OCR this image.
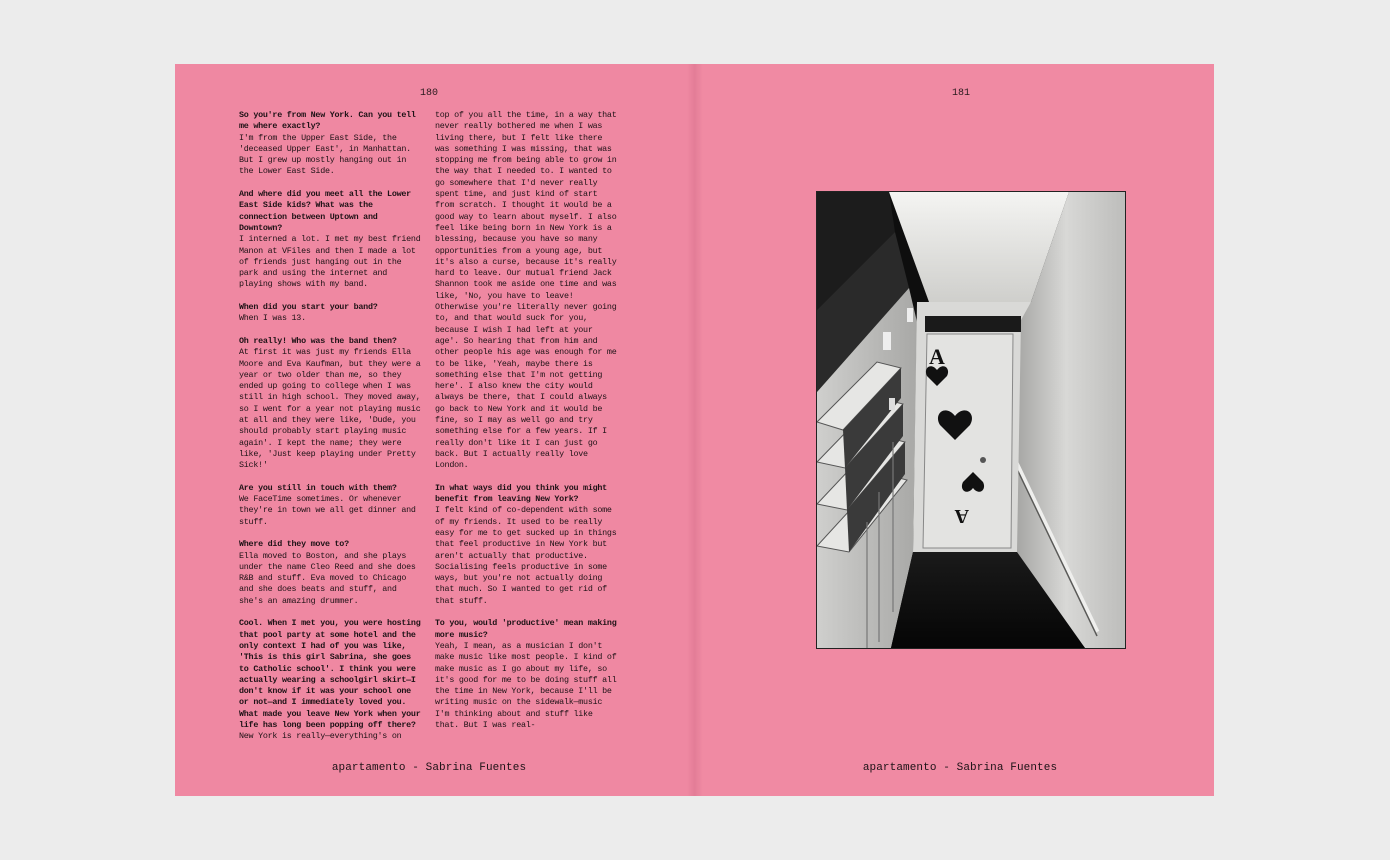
180

So you're from New York. Can you tell me where exactly?
I'm from the Upper East Side, the 'deceased Upper East', in Manhattan. But I grew up mostly hanging out in the Lower East Side.

And where did you meet all the Lower East Side kids? What was the connection between Uptown and Downtown?
I interned a lot. I met my best friend Manon at VFiles and then I made a lot of friends just hanging out in the park and using the internet and playing shows with my band.

When did you start your band?
When I was 13.

Oh really! Who was the band then?
At first it was just my friends Ella Moore and Eva Kaufman, but they were a year or two older than me, so they ended up going to college when I was still in high school. They moved away, so I went for a year not playing music at all and they were like, 'Dude, you should probably start playing music again'. I kept the name; they were like, 'Just keep playing under Pretty Sick!'

Are you still in touch with them?
We FaceTime sometimes. Or whenever they're in town we all get dinner and stuff.

Where did they move to?
Ella moved to Boston, and she plays under the name Cleo Reed and she does R&B and stuff. Eva moved to Chicago and she does beats and stuff, and she's an amazing drummer.

Cool. When I met you, you were hosting that pool party at some hotel and the only context I had of you was like, 'This is this girl Sabrina, she goes to Catholic school'. I think you were actually wearing a schoolgirl skirt—I don't know if it was your school one or not—and I immediately loved you. What made you leave New York when your life has long been popping off there?
New York is really—everything's on

top of you all the time, in a way that never really bothered me when I was living there, but I felt like there was something I was missing, that was stopping me from being able to grow in the way that I needed to. I wanted to go somewhere that I'd never really spent time, and just kind of start from scratch. I thought it would be a good way to learn about myself. I also feel like being born in New York is a blessing, because you have so many opportunities from a young age, but it's also a curse, because it's really hard to leave. Our mutual friend Jack Shannon took me aside one time and was like, 'No, you have to leave! Otherwise you're literally never going to, and that would suck for you, because I wish I had left at your age'. So hearing that from him and other people his age was enough for me to be like, 'Yeah, maybe there is something else that I'm not getting here'. I also knew the city would always be there, that I could always go back to New York and it would be fine, so I may as well go and try something else for a few years. If I really don't like it I can just go back. But I actually really love London.

In what ways did you think you might benefit from leaving New York?
I felt kind of co-dependent with some of my friends. It used to be really easy for me to get sucked up in things that feel productive in New York but aren't actually that productive. Socialising feels productive in some ways, but you're not actually doing that much. So I wanted to get rid of that stuff.

To you, would 'productive' mean making more music?
Yeah, I mean, as a musician I don't make music like most people. I kind of make music as I go about my life, so it's good for me to be doing stuff all the time in New York, because I'll be writing music on the sidewalk—music I'm thinking about and stuff like that. But I was real-

apartamento - Sabrina Fuentes
181
A
A
apartamento - Sabrina Fuentes
